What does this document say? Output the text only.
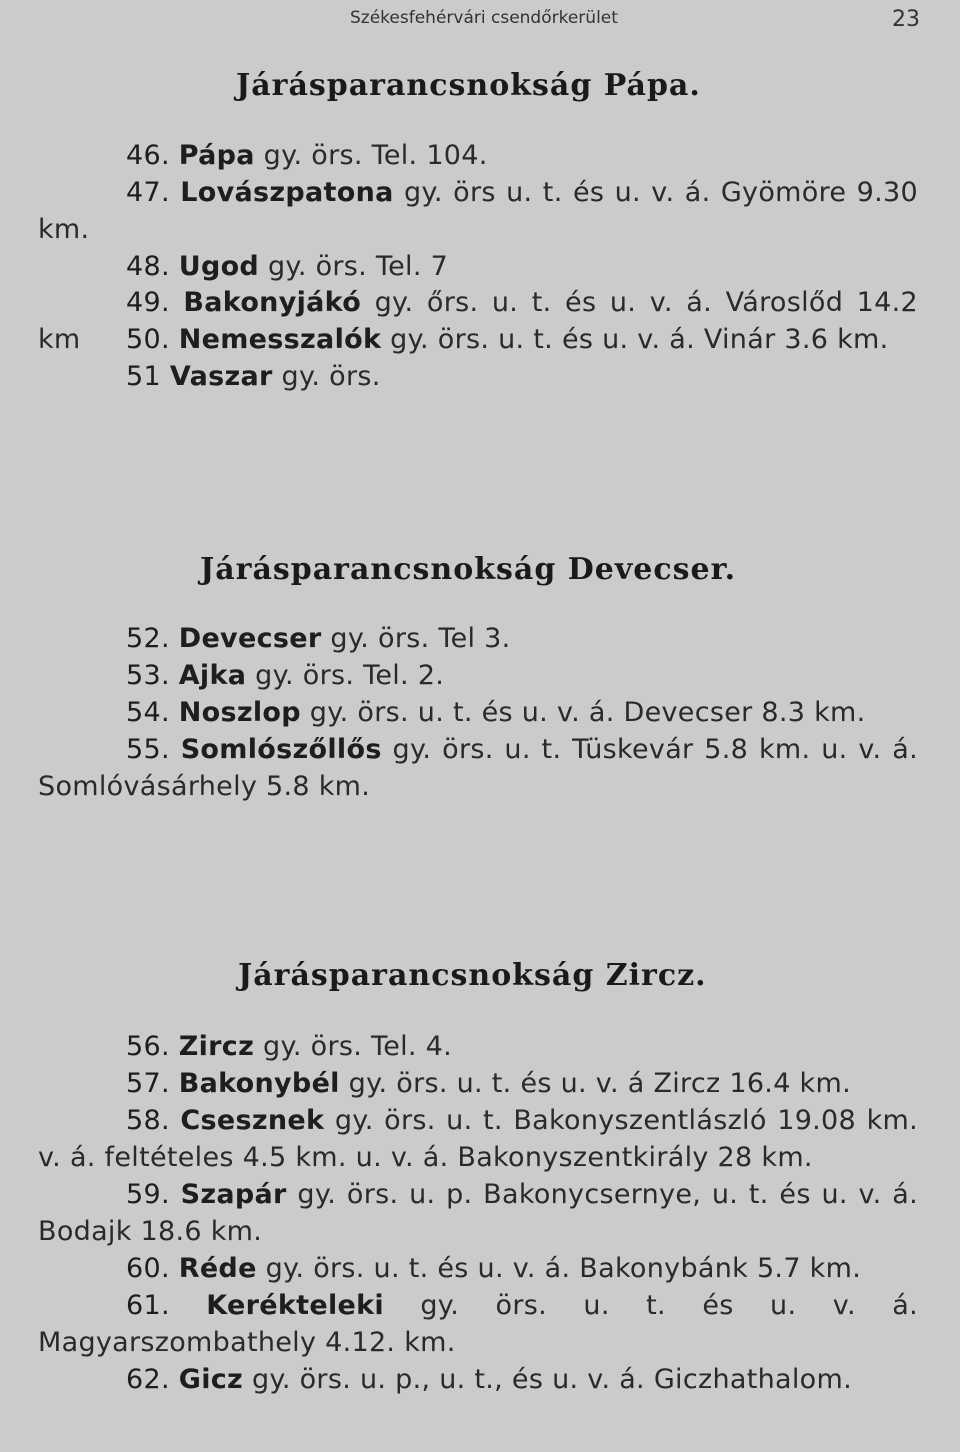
Székesfehérvári csendőrkerület	23
Járásparancsnokság Pápa.

46. Pápa gy. örs. Tel. 104.

47. Lovászpatona gy. örs u. t. és u. v. á. Gyömöre 9.30 km.

48. Ugod gy. örs. Tel. 7

49. Bakonyjákó gy. őrs. u. t. és u. v. á. Városlőd 14.2 km	50. Nemesszalók gy. örs. u. t. és u. v. á. Vinár 3.6 km.

51 Vaszar gy. örs.

Járásparancsnokság Devecser.

52. Devecser gy. örs. Tel 3.

53. Ajka gy. örs. Tel. 2.

54. Noszlop gy. örs. u. t. és u. v. á. Devecser 8.3 km.

55. Somlószőllős gy. örs. u. t. Tüskevár 5.8 km. u. v. á. Somlóvásárhely 5.8 km.

Járásparancsnokság Zircz.

56. Zircz gy. örs. Tel. 4.

57. Bakonybél gy. örs. u. t. és u. v. á Zircz 16.4 km.

58. Csesznek gy. örs. u. t. Bakonyszentlászló 19.08 km. v. á. feltételes 4.5 km. u. v. á. Bakonyszentkirály 28 km.

59. Szapár gy. örs. u. p. Bakonycsernye, u. t. és u. v. á. Bodajk 18.6 km.

60. Réde gy. örs. u. t. és u. v. á. Bakonybánk 5.7 km.

61. Kerékteleki gy. örs. u. t. és u. v. á. Magyarszombathely 4.12. km.

62. Gicz gy. örs. u. p., u. t., és u. v. á. Giczhathalom.
